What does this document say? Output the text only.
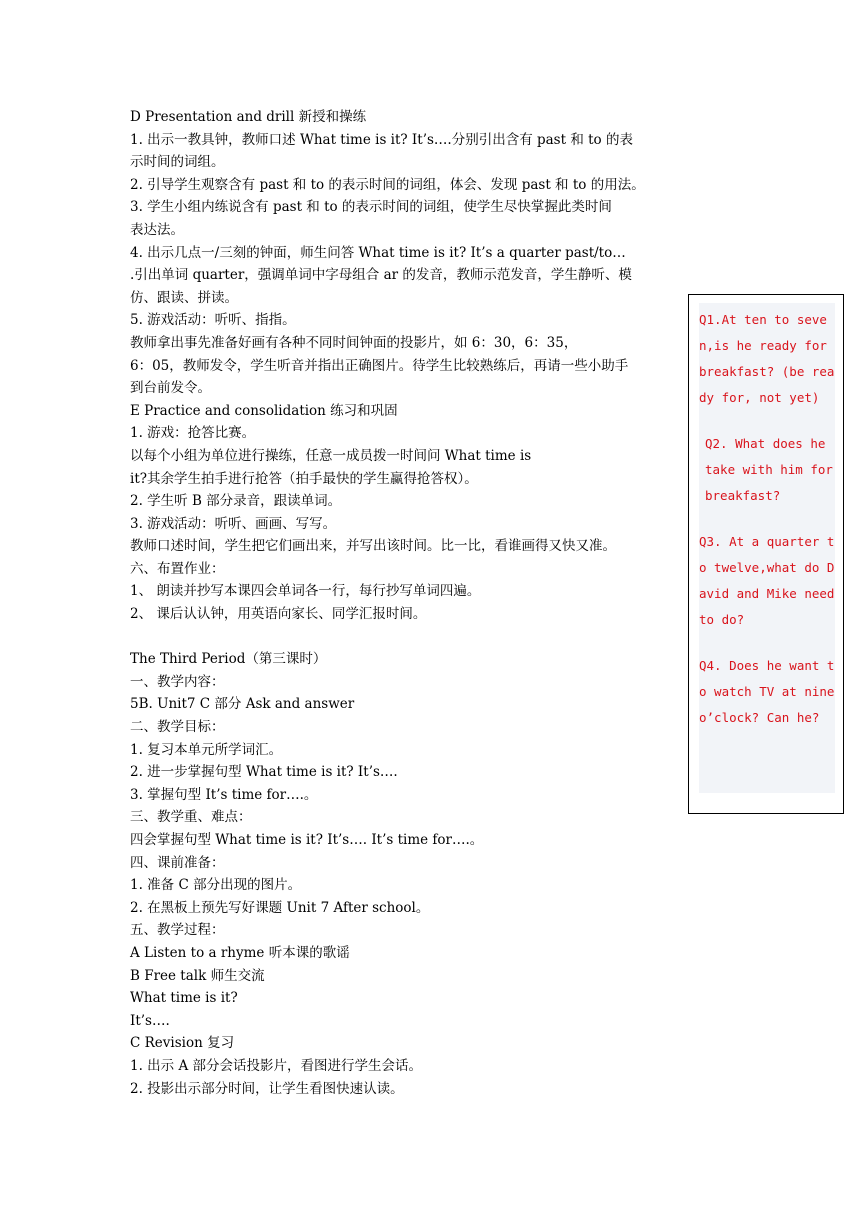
D Presentation and drill 新授和操练
1. 出示一教具钟，教师口述 What time is it? It’s….分别引出含有 past 和 to 的表
示时间的词组。
2. 引导学生观察含有 past 和 to 的表示时间的词组，体会、发现 past 和 to 的用法。
3. 学生小组内练说含有 past 和 to 的表示时间的词组，使学生尽快掌握此类时间
表达法。
4. 出示几点一/三刻的钟面，师生问答 What time is it? It’s a quarter past/to…
.引出单词 quarter，强调单词中字母组合 ar 的发音，教师示范发音，学生静听、模
仿、跟读、拼读。
5. 游戏活动：听听、指指。
教师拿出事先准备好画有各种不同时间钟面的投影片，如 6：30，6：35，
6：05，教师发令，学生听音并指出正确图片。待学生比较熟练后，再请一些小助手
到台前发令。
E Practice and consolidation 练习和巩固
1. 游戏：抢答比赛。
以每个小组为单位进行操练，任意一成员拨一时间问 What time is
it?其余学生拍手进行抢答（拍手最快的学生赢得抢答权）。
2. 学生听 B 部分录音，跟读单词。
3. 游戏活动：听听、画画、写写。
教师口述时间，学生把它们画出来，并写出该时间。比一比，看谁画得又快又准。
六、布置作业：
1、 朗读并抄写本课四会单词各一行，每行抄写单词四遍。
2、 课后认认钟，用英语向家长、同学汇报时间。
The Third Period（第三课时）
一、教学内容：
5B. Unit7 C 部分 Ask and answer
二、教学目标：
1. 复习本单元所学词汇。
2. 进一步掌握句型 What time is it? It’s….
3. 掌握句型 It’s time for….。
三、教学重、难点：
四会掌握句型 What time is it? It’s…. It’s time for….。
四、课前准备：
1. 准备 C 部分出现的图片。
2. 在黑板上预先写好课题 Unit 7 After school。
五、教学过程：
A Listen to a rhyme 听本课的歌谣
B Free talk 师生交流
What time is it?
It’s….
C Revision 复习
1. 出示 A 部分会话投影片，看图进行学生会话。
2. 投影出示部分时间，让学生看图快速认读。

Q1.At ten to seven,is he ready for breakfast? (be ready for, not yet)

Q2. What does he take with him for breakfast?

Q3. At a quarter to twelve,what do David and Mike need to do?

Q4. Does he want to watch TV at nine o’clock? Can he?
